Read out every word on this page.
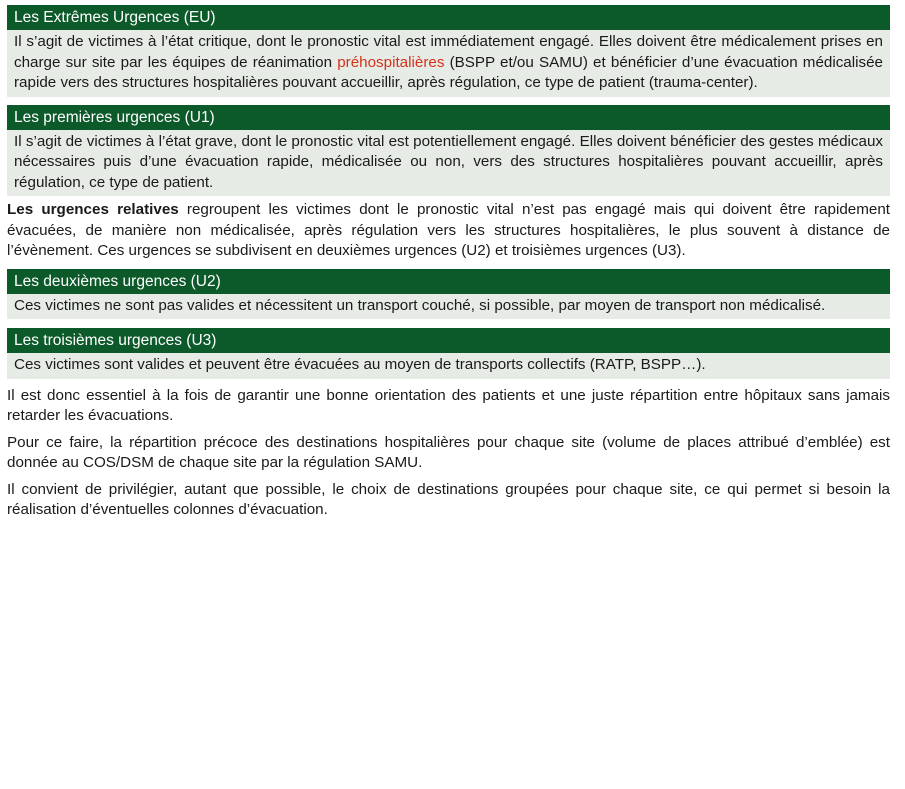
Les Extrêmes Urgences (EU)
Il s’agit de victimes à l’état critique, dont le pronostic vital est immédiatement engagé. Elles doivent être médicalement prises en charge sur site par les équipes de réanimation préhospitalières (BSPP et/ou SAMU) et bénéficier d’une évacuation médicalisée rapide vers des structures hospitalières pouvant accueillir, après régulation, ce type de patient (trauma-center).
Les premières urgences (U1)
Il s’agit de victimes à l’état grave, dont le pronostic vital est potentiellement engagé. Elles doivent bénéficier des gestes médicaux nécessaires puis d’une évacuation rapide, médicalisée ou non, vers des structures hospitalières pouvant accueillir, après régulation, ce type de patient.

Les urgences relatives regroupent les victimes dont le pronostic vital n’est pas engagé mais qui doivent être rapidement évacuées, de manière non médicalisée, après régulation vers les structures hospitalières, le plus souvent à distance de l’évènement. Ces urgences se subdivisent en deuxièmes urgences (U2) et troisièmes urgences (U3).

Les deuxièmes urgences (U2)
Ces victimes ne sont pas valides et nécessitent un transport couché, si possible, par moyen de transport non médicalisé.
Les troisièmes urgences (U3)
Ces victimes sont valides et peuvent être évacuées au moyen de transports collectifs (RATP, BSPP…).

Il est donc essentiel à la fois de garantir une bonne orientation des patients et une juste répartition entre hôpitaux sans jamais retarder les évacuations.

Pour ce faire, la répartition précoce des destinations hospitalières pour chaque site (volume de places attribué d’emblée) est donnée au COS/DSM de chaque site par la régulation SAMU.

Il convient de privilégier, autant que possible, le choix de destinations groupées pour chaque site, ce qui permet si besoin la réalisation d’éventuelles colonnes d’évacuation.
